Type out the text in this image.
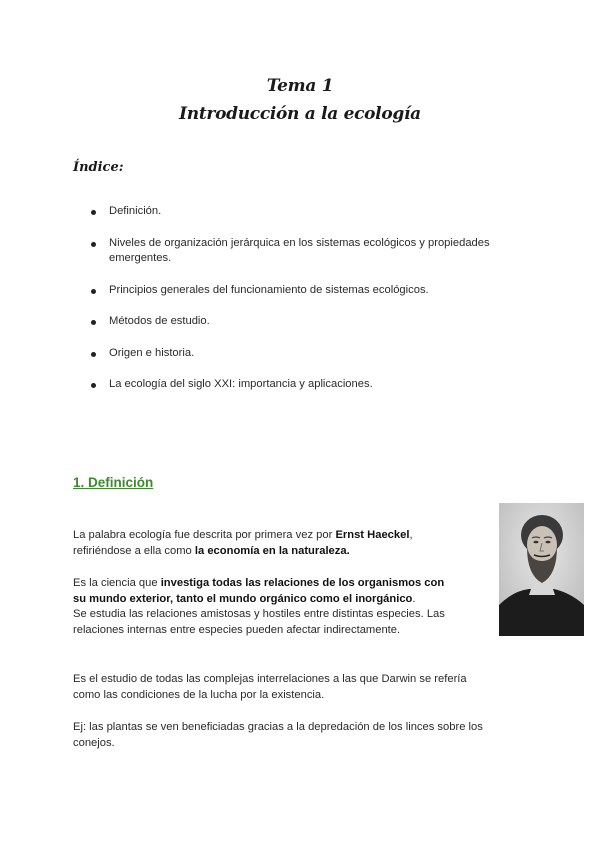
Tema 1
Introducción a la ecología
Índice:
Definición.
Niveles de organización jerárquica en los sistemas ecológicos y propiedades emergentes.
Principios generales del funcionamiento de sistemas ecológicos.
Métodos de estudio.
Origen e historia.
La ecología del siglo XXI: importancia y aplicaciones.
1. Definición
La palabra ecología fue descrita por primera vez por Ernst Haeckel,
refiriéndose a ella como la economía en la naturaleza.
Es la ciencia que investiga todas las relaciones de los organismos con
su mundo exterior, tanto el mundo orgánico como el inorgánico.
Se estudia las relaciones amistosas y hostiles entre distintas especies. Las
relaciones internas entre especies pueden afectar indirectamente.
Es el estudio de todas las complejas interrelaciones a las que Darwin se refería
como las condiciones de la lucha por la existencia.
Ej: las plantas se ven beneficiadas gracias a la depredación de los linces sobre los
conejos.
